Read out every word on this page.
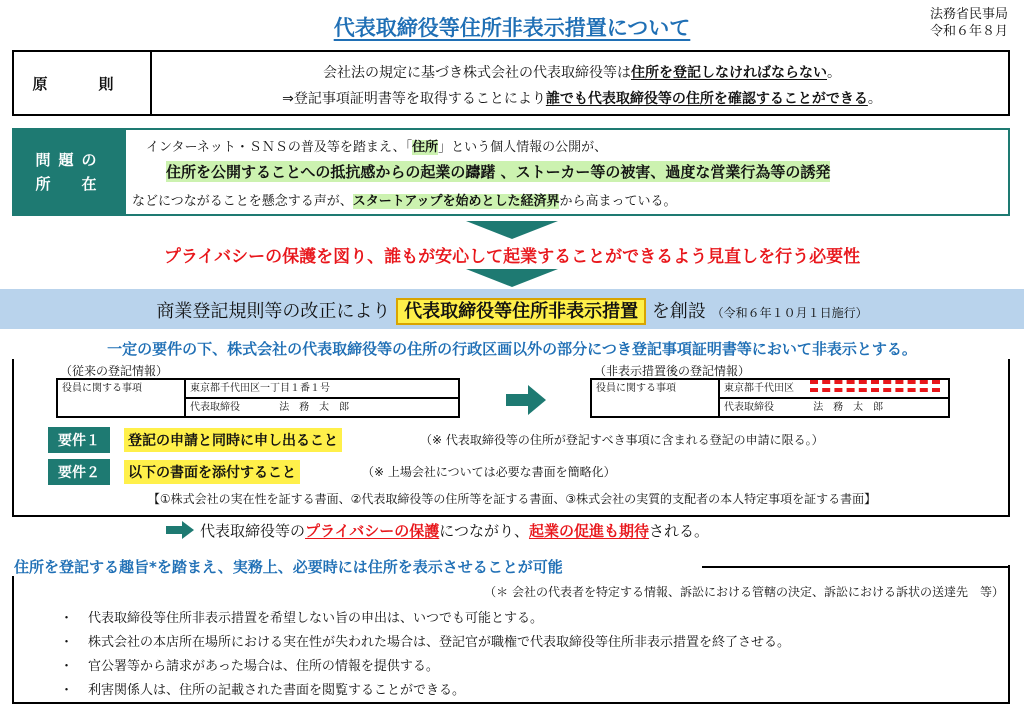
代表取締役等住所非表示措置について
法務省民事局
令和６年８月
原　則
会社法の規定に基づき株式会社の代表取締役等は住所を登記しなければならない。
⇒登記事項証明書等を取得することにより誰でも代表取締役等の住所を確認することができる。
問題の
所　在
インターネット・ＳＮＳの普及等を踏まえ、「住所」という個人情報の公開が、
住所を公開することへの抵抗感からの起業の躊躇 、ストーカー等の被害、過度な営業行為等の誘発
などにつながることを懸念する声が、スタートアップを始めとした経済界から高まっている。
プライバシーの保護を図り、誰もが安心して起業することができるよう見直しを行う必要性
商業登記規則等の改正により 代表取締役等住所非表示措置 を創設 （令和６年１０月１日施行）
一定の要件の下、株式会社の代表取締役等の住所の行政区画以外の部分につき登記事項証明書等において非表示とする。
（従来の登記情報）	（非表示措置後の登記情報）
役員に関する事項	東京都千代田区一丁目１番１号
代表取締役	法　務　太　郎
役員に関する事項	東京都千代田区
代表取締役	法　務　太　郎
要件１	登記の申請と同時に申し出ること	（※ 代表取締役等の住所が登記すべき事項に含まれる登記の申請に限る。）
要件２	以下の書面を添付すること	（※ 上場会社については必要な書面を簡略化）
【①株式会社の実在性を証する書面、②代表取締役等の住所等を証する書面、③株式会社の実質的支配者の本人特定事項を証する書面】
代表取締役等のプライバシーの保護につながり、起業の促進も期待される。
住所を登記する趣旨*を踏まえ、実務上、必要時には住所を表示させることが可能
（＊ 会社の代表者を特定する情報、訴訟における管轄の決定、訴訟における訴状の送達先　等）
・ 代表取締役等住所非表示措置を希望しない旨の申出は、いつでも可能とする。
・ 株式会社の本店所在場所における実在性が失われた場合は、登記官が職権で代表取締役等住所非表示措置を終了させる。
・ 官公署等から請求があった場合は、住所の情報を提供する。
・ 利害関係人は、住所の記載された書面を閲覧することができる。
